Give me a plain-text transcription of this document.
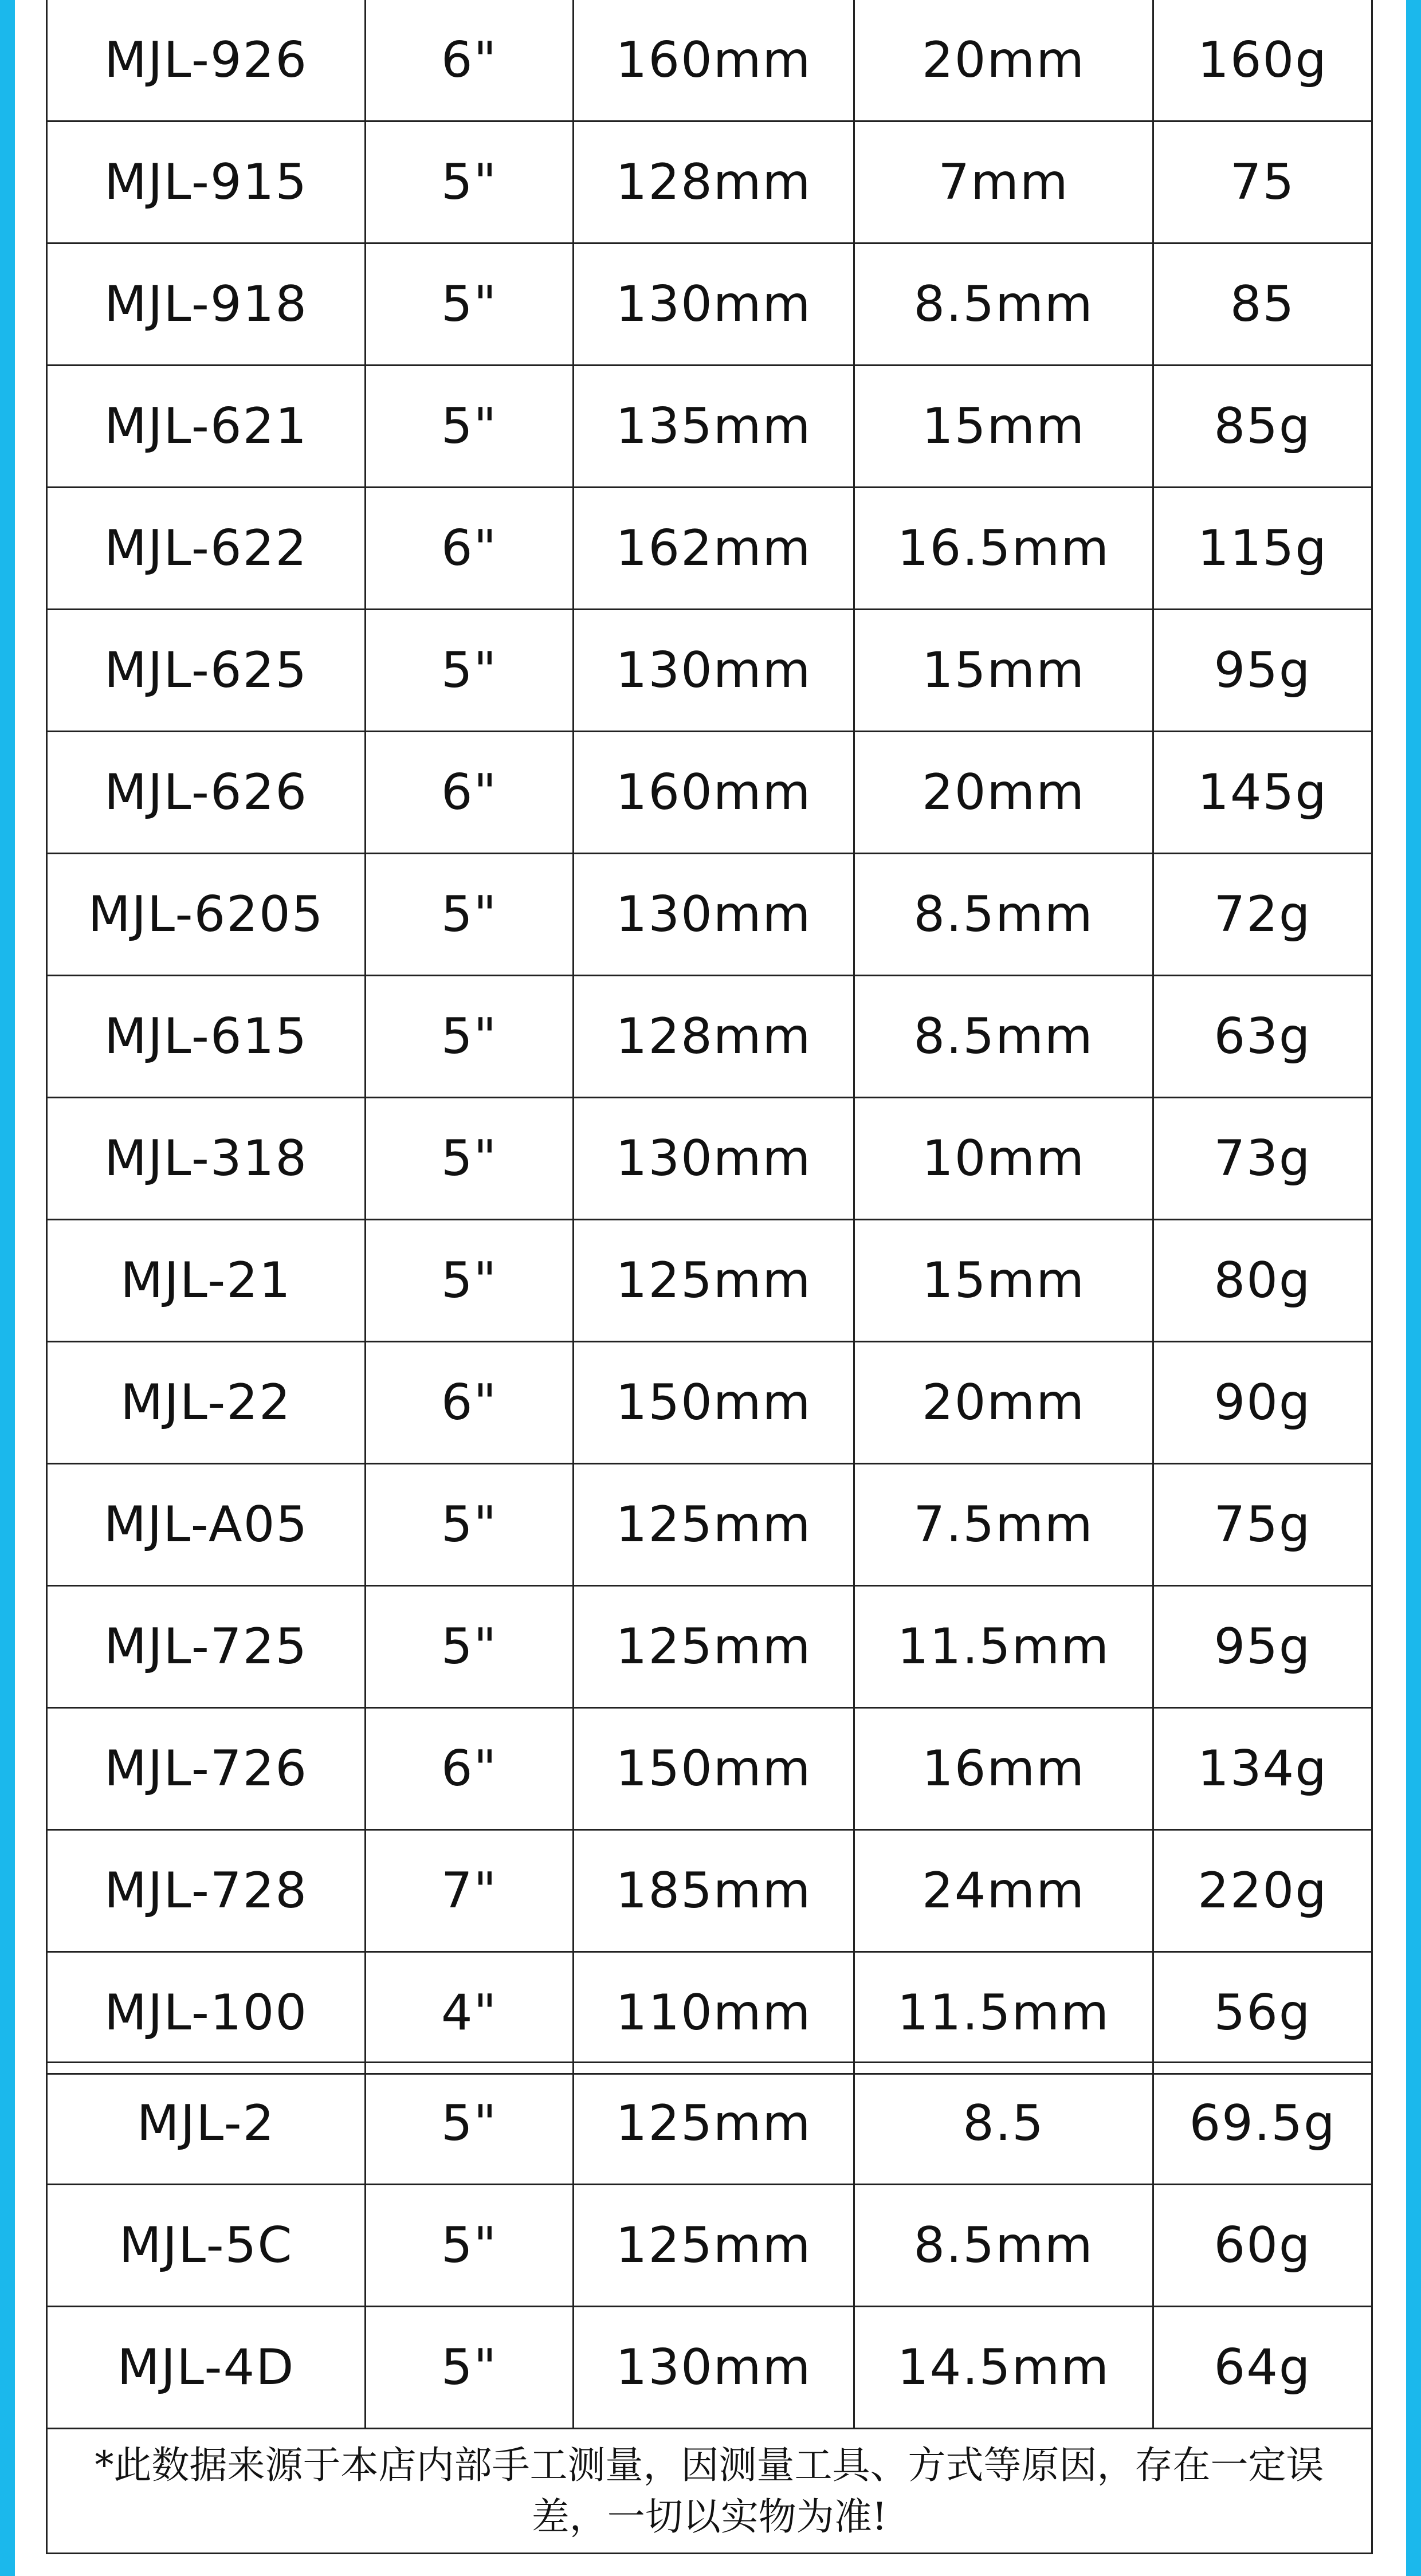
MJL-926	6"	160mm	20mm	160g
MJL-915	5"	128mm	7mm	75
MJL-918	5"	130mm	8.5mm	85
MJL-621	5"	135mm	15mm	85g
MJL-622	6"	162mm	16.5mm	115g
MJL-625	5"	130mm	15mm	95g
MJL-626	6"	160mm	20mm	145g
MJL-6205	5"	130mm	8.5mm	72g
MJL-615	5"	128mm	8.5mm	63g
MJL-318	5"	130mm	10mm	73g
MJL-21	5"	125mm	15mm	80g
MJL-22	6"	150mm	20mm	90g
MJL-A05	5"	125mm	7.5mm	75g
MJL-725	5"	125mm	11.5mm	95g
MJL-726	6"	150mm	16mm	134g
MJL-728	7"	185mm	24mm	220g
MJL-100	4"	110mm	11.5mm	56g
MJL-2	5"	125mm	8.5	69.5g
MJL-5C	5"	125mm	8.5mm	60g
MJL-4D	5"	130mm	14.5mm	64g
*此数据来源于本店内部手工测量，因测量工具、方式等原因，存在一定误差，一切以实物为准!
